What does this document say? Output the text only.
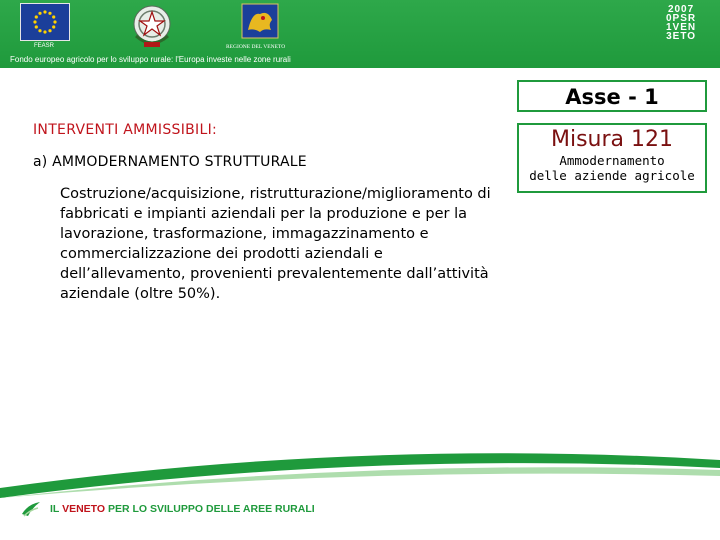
FEASR	REGIONE DEL VENETO
2007
0PSR
1VEN
3ETO
Fondo europeo agricolo per lo sviluppo rurale: l'Europa investe nelle zone rurali
Asse - 1
Misura 121
Ammodernamento
delle aziende agricole
INTERVENTI AMMISSIBILI:
a) AMMODERNAMENTO STRUTTURALE
Costruzione/acquisizione, ristrutturazione/miglioramento di fabbricati e impianti aziendali per la produzione e per la lavorazione, trasformazione, immagazzinamento e commercializzazione dei prodotti aziendali e dell’allevamento, provenienti prevalentemente dall’attività aziendale (oltre 50%).
IL VENETO PER LO SVILUPPO DELLE AREE RURALI
